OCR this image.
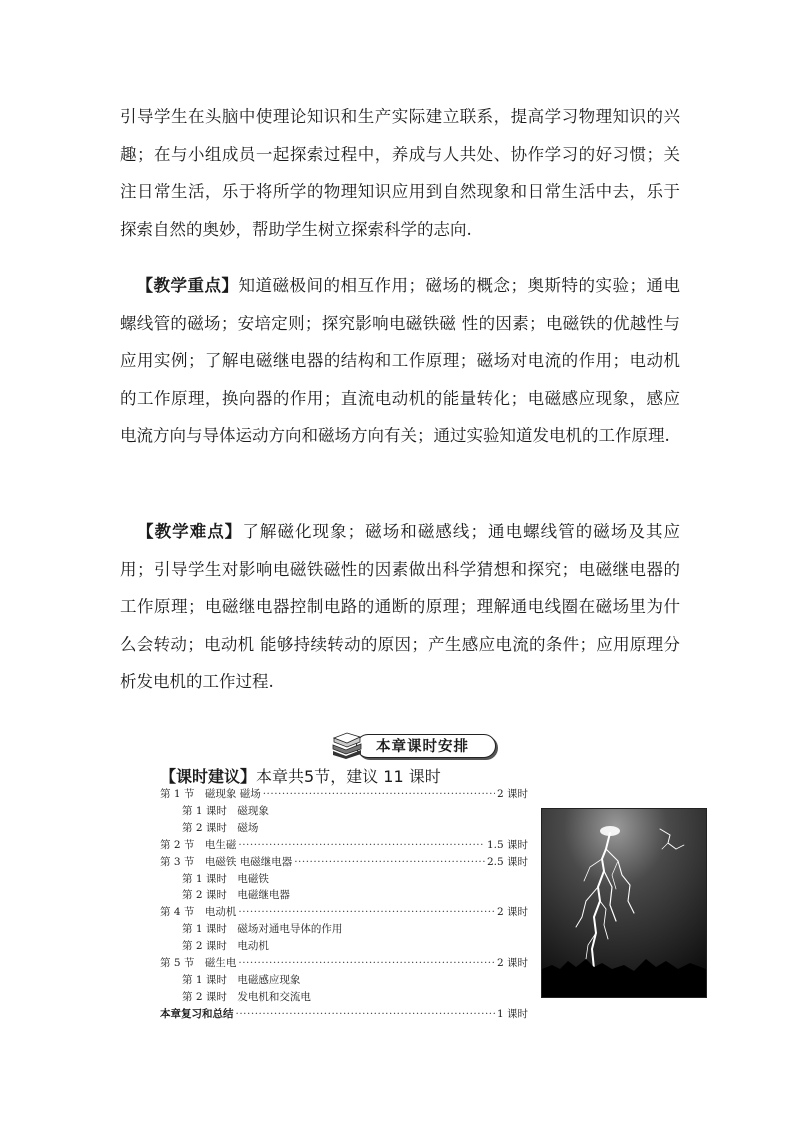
引导学生在头脑中使理论知识和生产实际建立联系，提高学习物理知识的兴趣；在与小组成员一起探索过程中，养成与人共处、协作学习的好习惯；关注日常生活，乐于将所学的物理知识应用到自然现象和日常生活中去，乐于探索自然的奥妙，帮助学生树立探索科学的志向.

【教学重点】知道磁极间的相互作用；磁场的概念；奥斯特的实验；通电螺线管的磁场；安培定则；探究影响电磁铁磁 性的因素；电磁铁的优越性与应用实例；了解电磁继电器的结构和工作原理；磁场对电流的作用；电动机的工作原理，换向器的作用；直流电动机的能量转化；电磁感应现象，感应电流方向与导体运动方向和磁场方向有关；通过实验知道发电机的工作原理.

【教学难点】了解磁化现象；磁场和磁感线；通电螺线管的磁场及其应用；引导学生对影响电磁铁磁性的因素做出科学猜想和探究；电磁继电器的工作原理；电磁继电器控制电路的通断的原理；理解通电线圈在磁场里为什么会转动；电动机 能够持续转动的原因；产生感应电流的条件；应用原理分析发电机的工作过程.

本章课时安排
【课时建议】本章共5节，建议 11 课时
第 1 节　磁现象 磁场 ·····	2 课时
第 1 课时　磁现象
第 2 课时　磁场
第 2 节　电生磁 ·····	1.5 课时
第 3 节　电磁铁 电磁继电器 ·····	2.5 课时
第 1 课时　电磁铁
第 2 课时　电磁继电器
第 4 节　电动机 ·····	2 课时
第 1 课时　磁场对通电导体的作用
第 2 课时　电动机
第 5 节　磁生电 ·····	2 课时
第 1 课时　电磁感应现象
第 2 课时　发电机和交流电
本章复习和总结 ·····	1 课时
